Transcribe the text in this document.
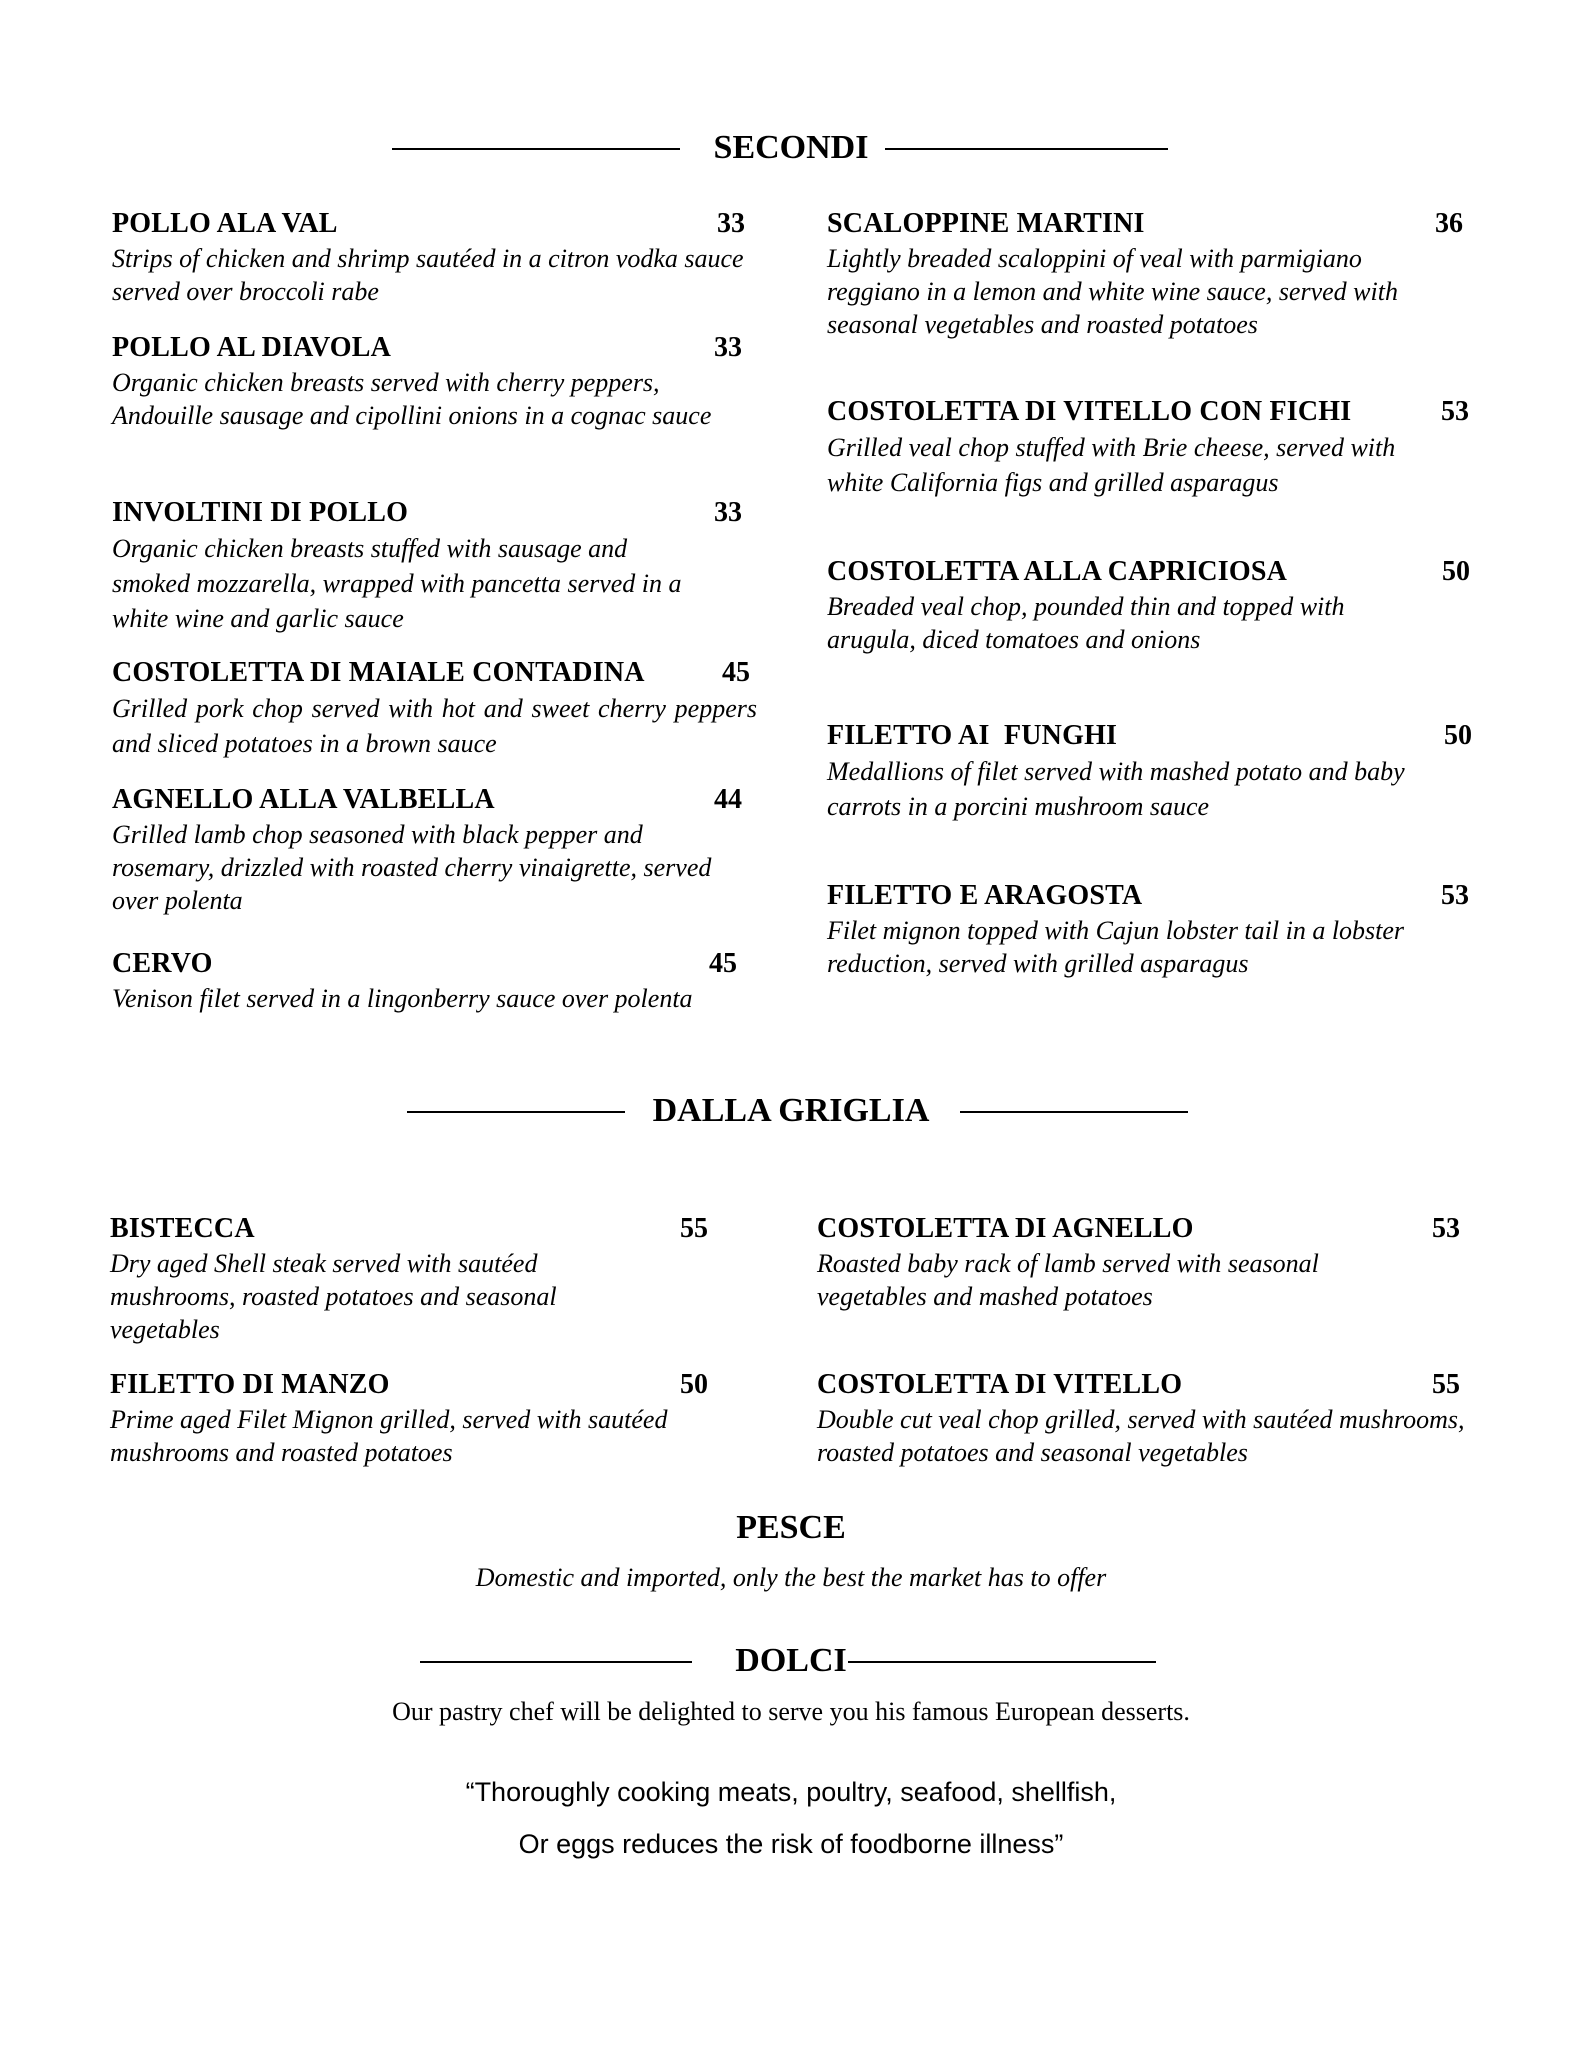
SECONDI
POLLO ALA VAL	33
Strips of chicken and shrimp sautéed in a citron vodka sauce served over broccoli rabe
POLLO AL DIAVOLA	33
Organic chicken breasts served with cherry peppers, Andouille sausage and cipollini onions in a cognac sauce
INVOLTINI DI POLLO	33
Organic chicken breasts stuffed with sausage and smoked mozzarella, wrapped with pancetta served in a white wine and garlic sauce
COSTOLETTA DI MAIALE CONTADINA	45
Grilled pork chop served with hot and sweet cherry peppers and sliced potatoes in a brown sauce
AGNELLO ALLA VALBELLA	44
Grilled lamb chop seasoned with black pepper and rosemary, drizzled with roasted cherry vinaigrette, served over polenta
CERVO	45
Venison filet served in a lingonberry sauce over polenta
SCALOPPINE MARTINI	36
Lightly breaded scaloppini of veal with parmigiano reggiano in a lemon and white wine sauce, served with seasonal vegetables and roasted potatoes
COSTOLETTA DI VITELLO CON FICHI	53
Grilled veal chop stuffed with Brie cheese, served with white California figs and grilled asparagus
COSTOLETTA ALLA CAPRICIOSA	50
Breaded veal chop, pounded thin and topped with arugula, diced tomatoes and onions
FILETTO AI  FUNGHI	50
Medallions of filet served with mashed potato and baby carrots in a porcini mushroom sauce
FILETTO E ARAGOSTA	53
Filet mignon topped with Cajun lobster tail in a lobster reduction, served with grilled asparagus
DALLA GRIGLIA
BISTECCA	55
Dry aged Shell steak served with sautéed mushrooms, roasted potatoes and seasonal vegetables
FILETTO DI MANZO	50
Prime aged Filet Mignon grilled, served with sautéed mushrooms and roasted potatoes
COSTOLETTA DI AGNELLO	53
Roasted baby rack of lamb served with seasonal vegetables and mashed potatoes
COSTOLETTA DI VITELLO	55
Double cut veal chop grilled, served with sautéed mushrooms, roasted potatoes and seasonal vegetables
PESCE
Domestic and imported, only the best the market has to offer
DOLCI
Our pastry chef will be delighted to serve you his famous European desserts.
“Thoroughly cooking meats, poultry, seafood, shellfish,
Or eggs reduces the risk of foodborne illness”
